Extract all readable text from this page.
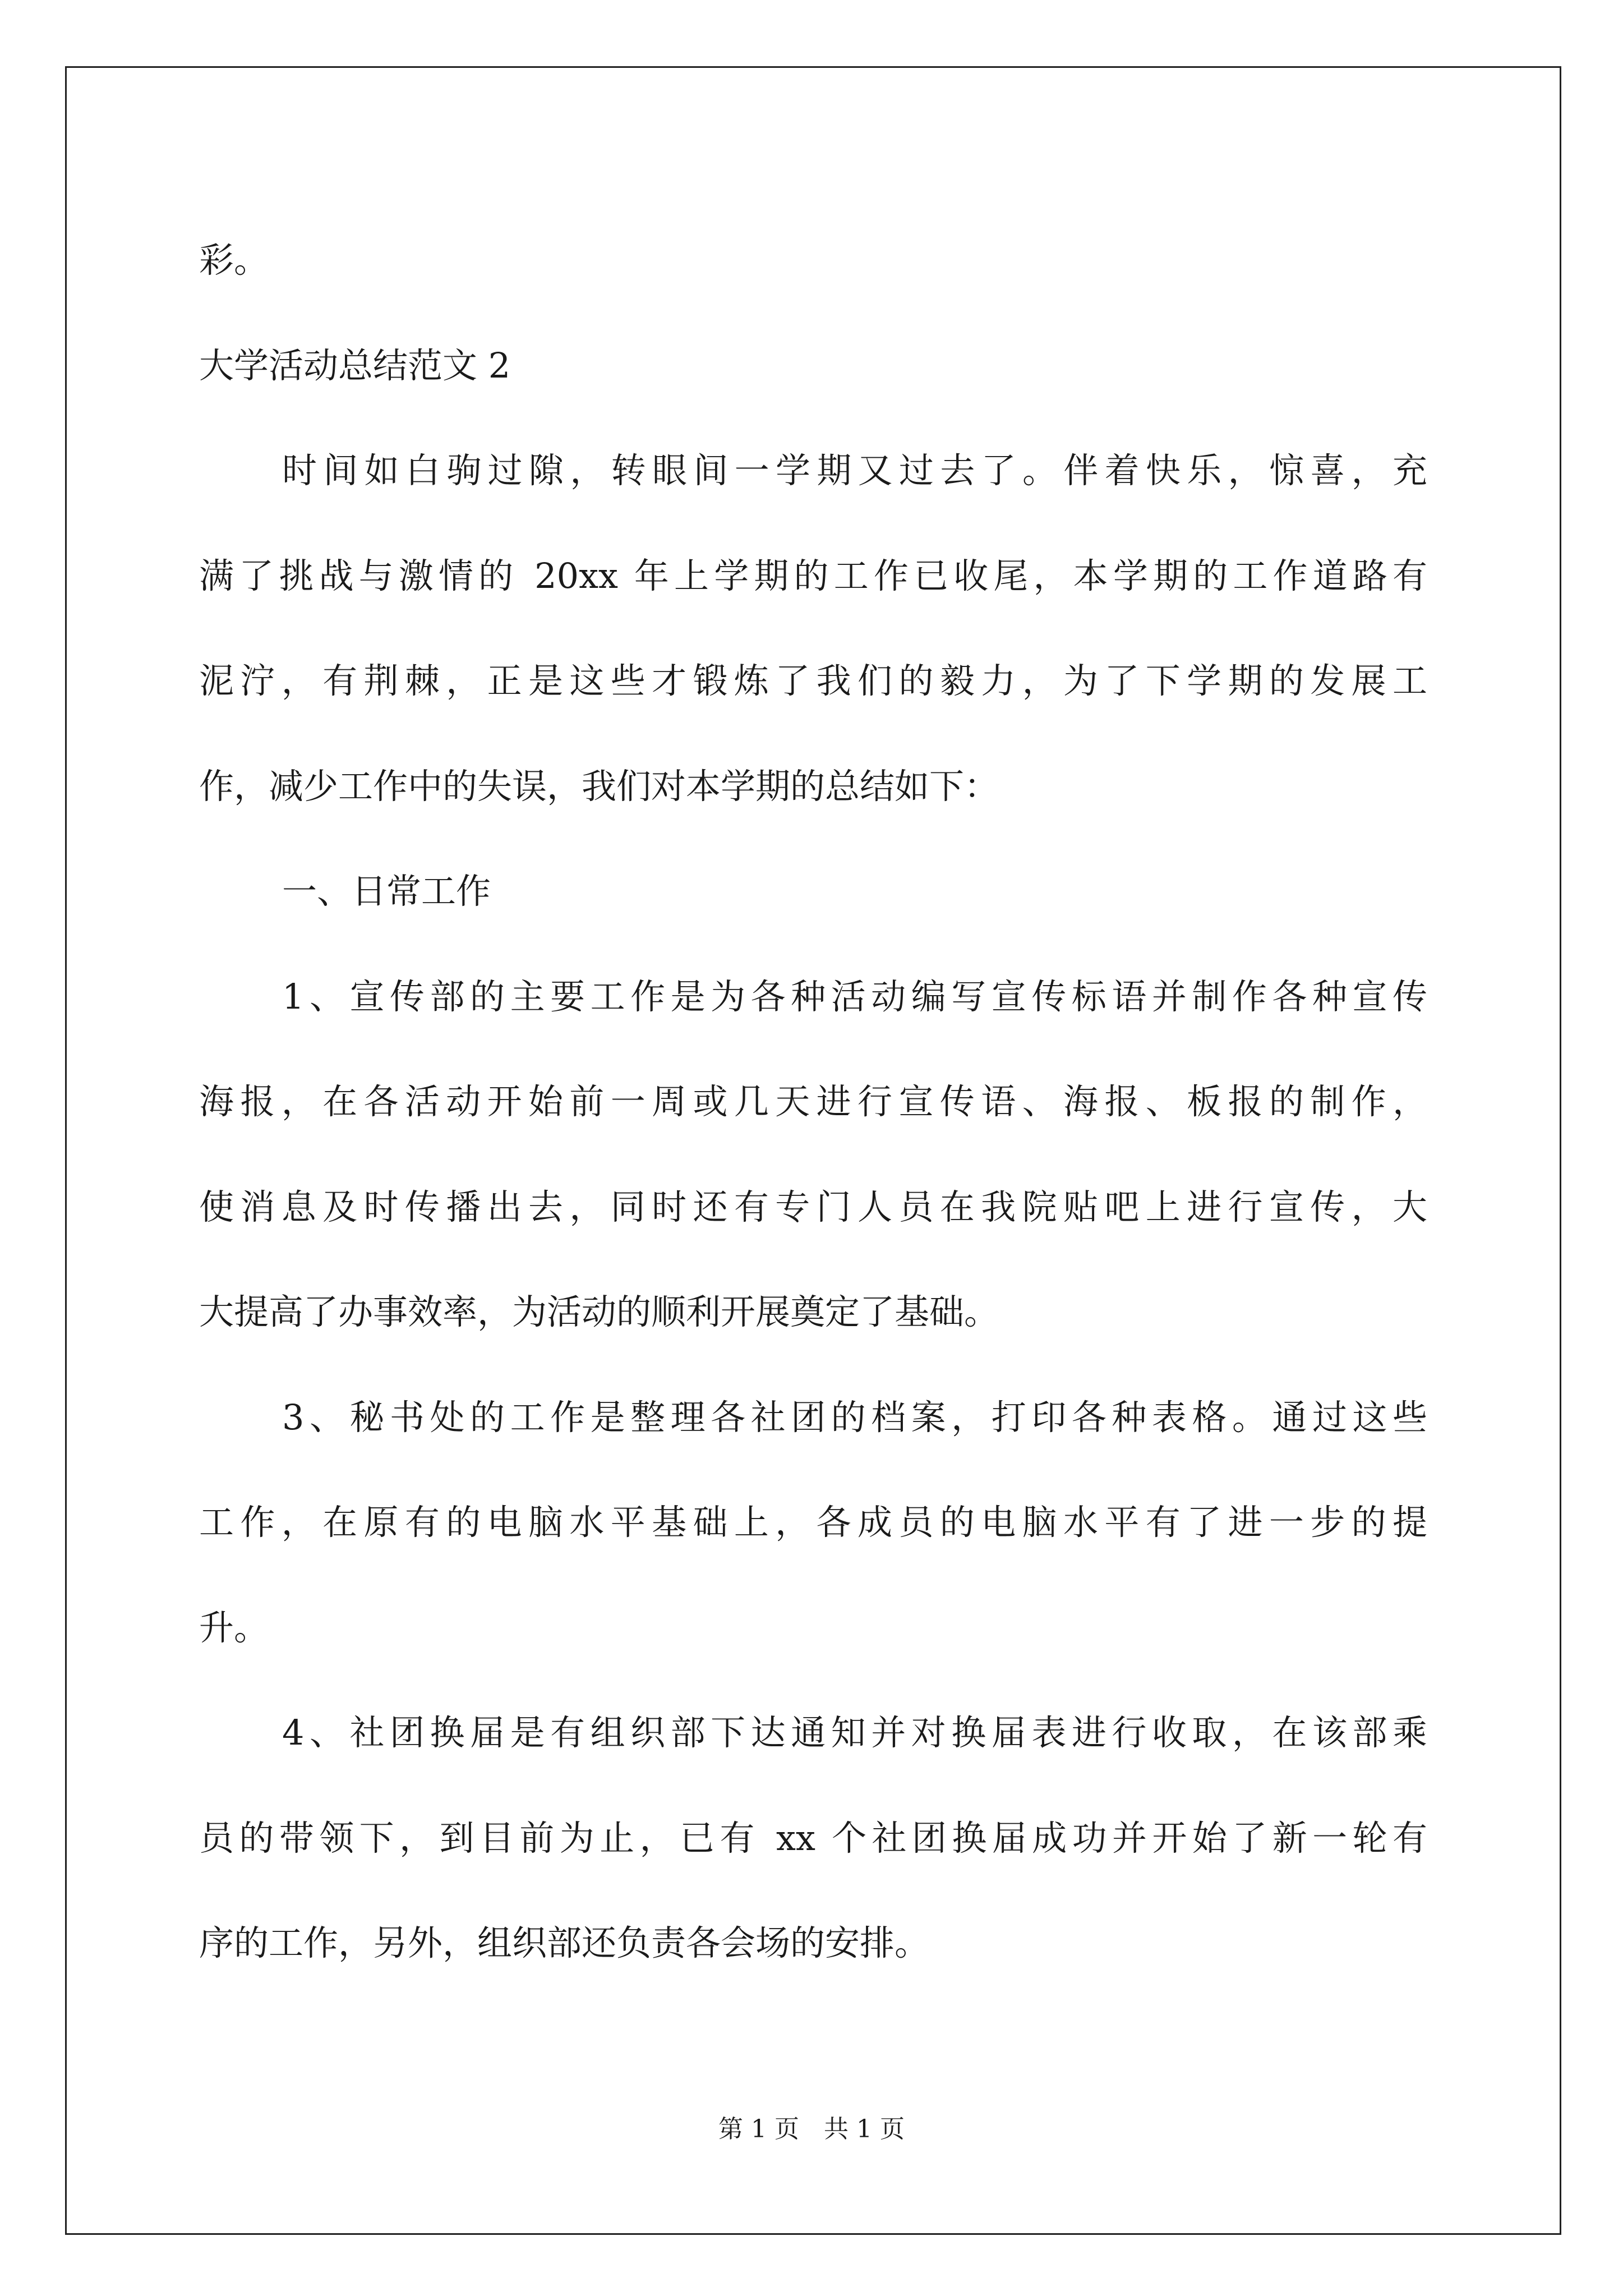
彩。
大学活动总结范文 2
时间如白驹过隙，转眼间一学期又过去了。伴着快乐，惊喜，充
满了挑战与激情的 20xx 年上学期的工作已收尾，本学期的工作道路有
泥泞，有荆棘，正是这些才锻炼了我们的毅力，为了下学期的发展工
作，减少工作中的失误，我们对本学期的总结如下：
一、日常工作
1、宣传部的主要工作是为各种活动编写宣传标语并制作各种宣传
海报，在各活动开始前一周或几天进行宣传语、海报、板报的制作，
使消息及时传播出去，同时还有专门人员在我院贴吧上进行宣传，大
大提高了办事效率，为活动的顺利开展奠定了基础。
3、秘书处的工作是整理各社团的档案，打印各种表格。通过这些
工作，在原有的电脑水平基础上，各成员的电脑水平有了进一步的提
升。
4、社团换届是有组织部下达通知并对换届表进行收取，在该部乘
员的带领下，到目前为止，已有 xx 个社团换届成功并开始了新一轮有
序的工作，另外，组织部还负责各会场的安排。
第 1 页 共 1 页
